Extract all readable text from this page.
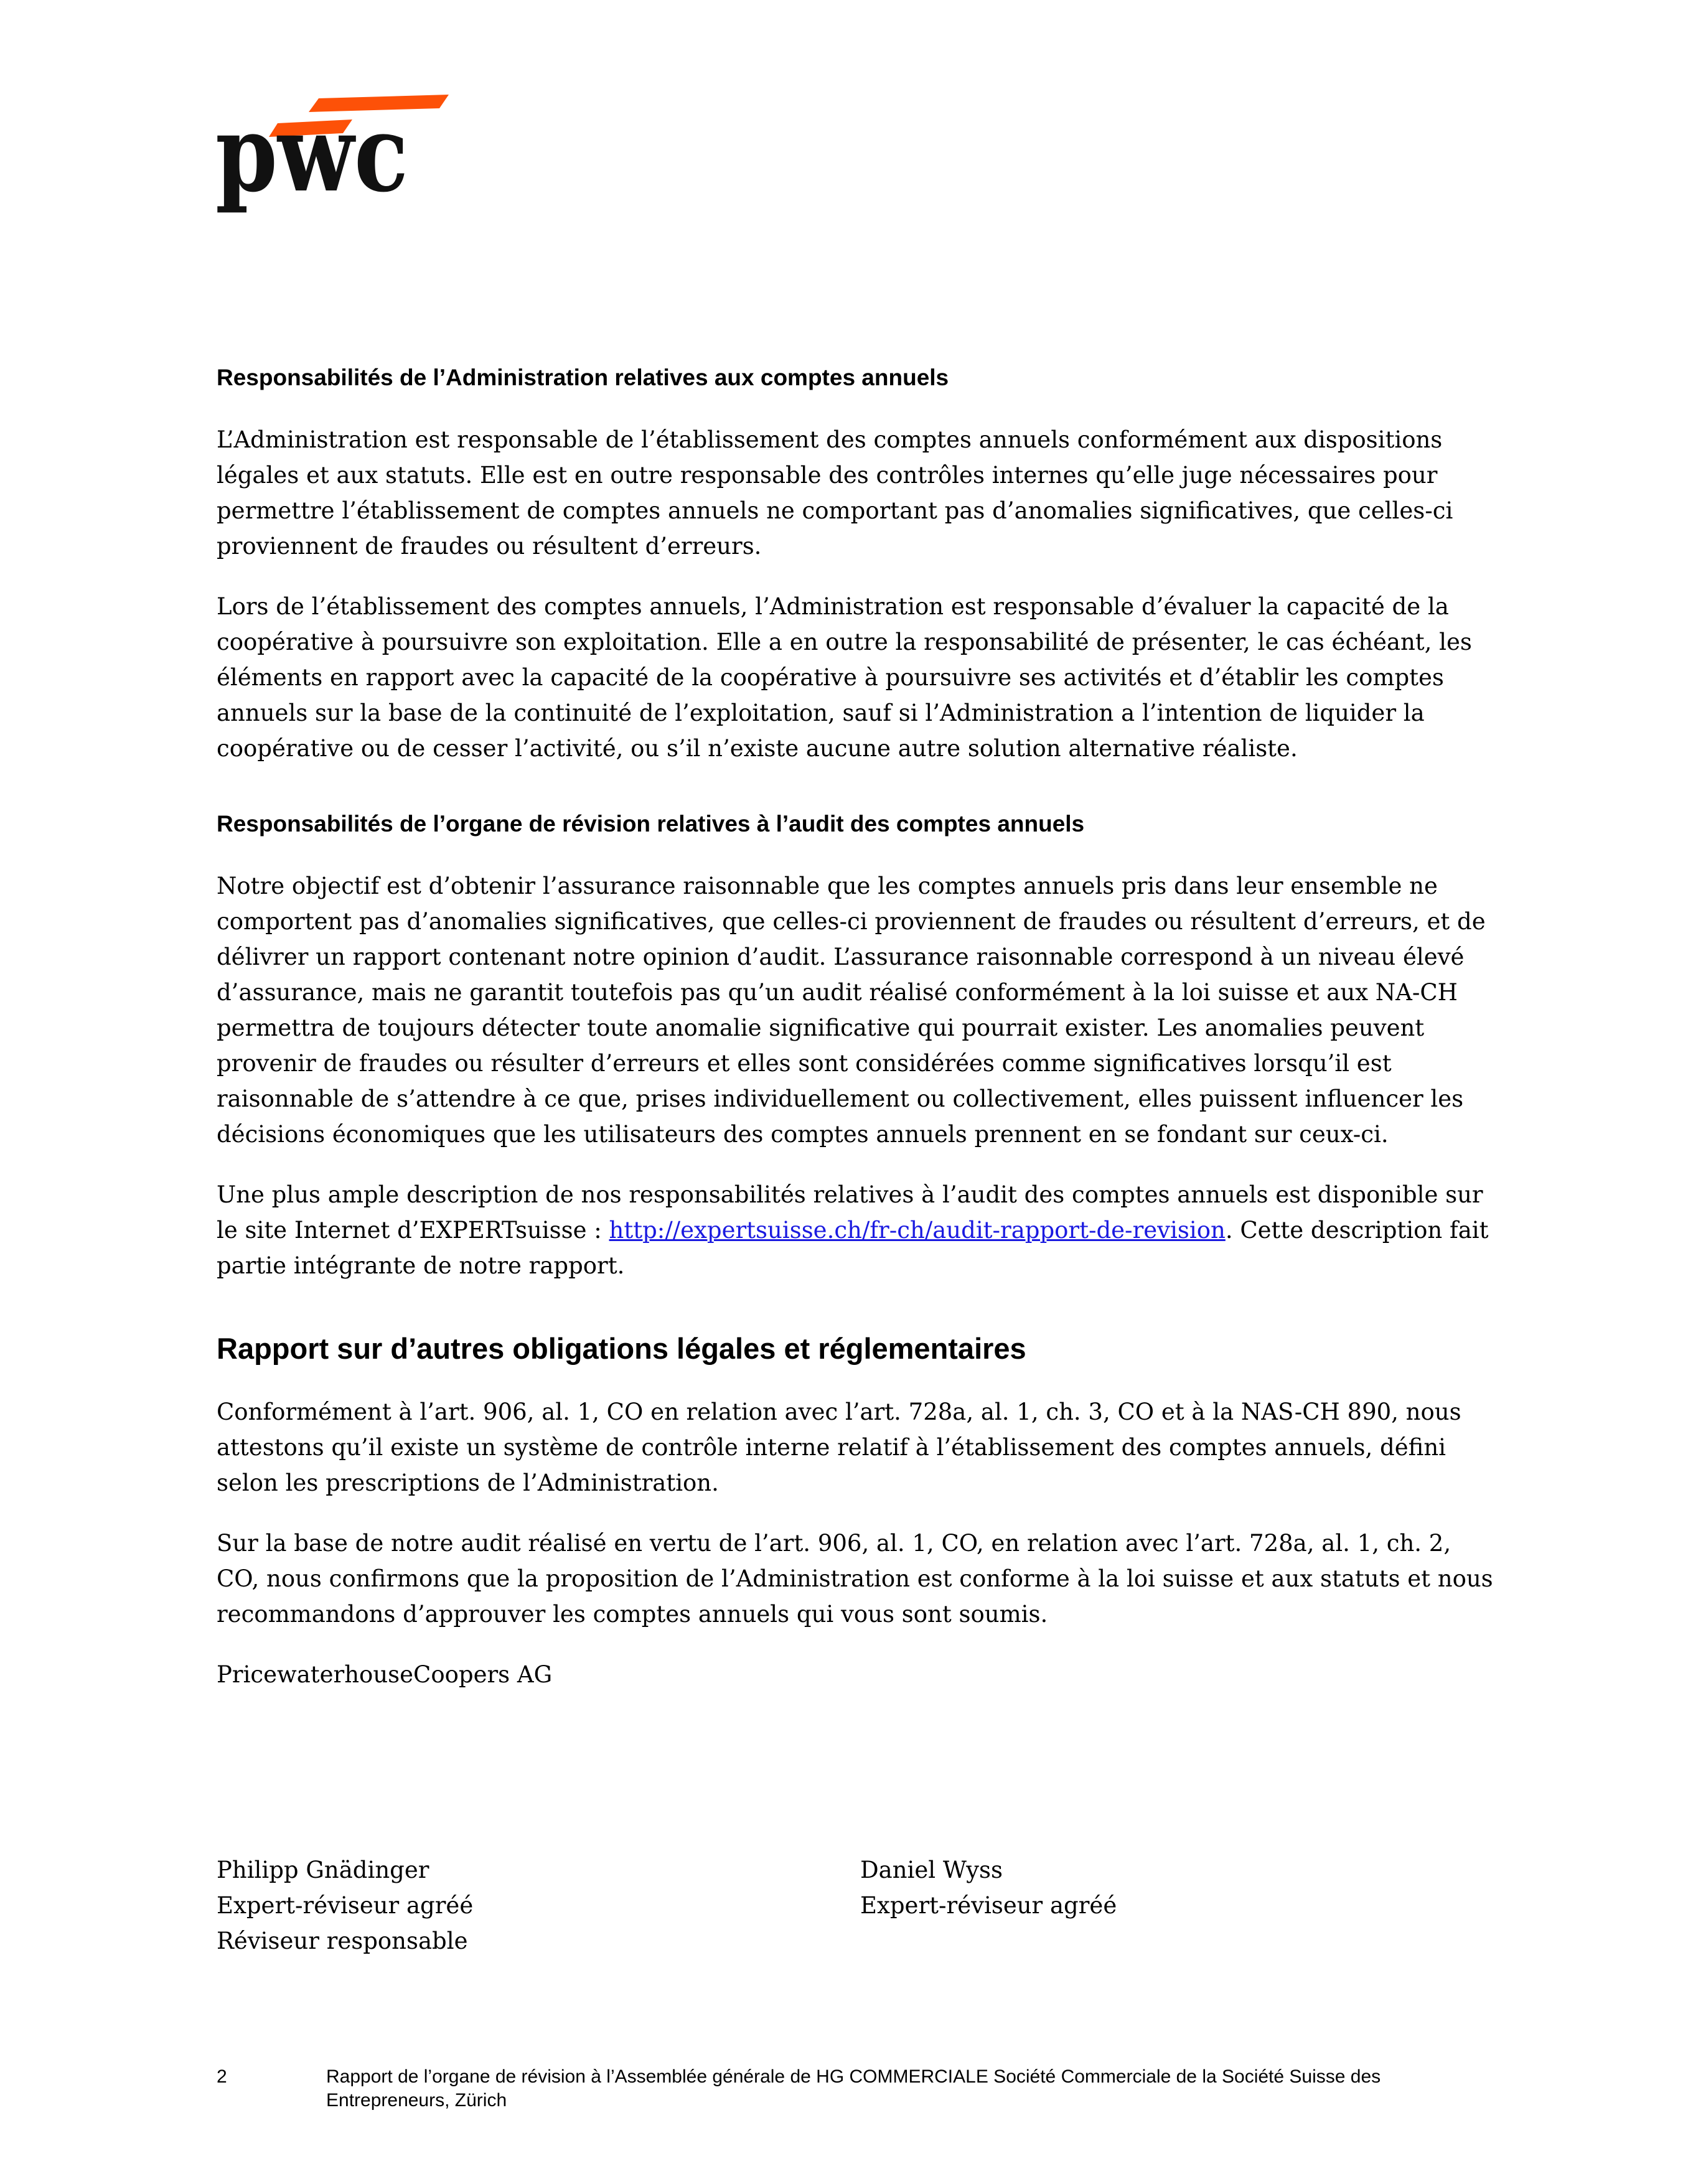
pwc
Responsabilités de l’Administration relatives aux comptes annuels

L’Administration est responsable de l’établissement des comptes annuels conformément aux dispositions légales et aux statuts. Elle est en outre responsable des contrôles internes qu’elle juge nécessaires pour permettre l’établissement de comptes annuels ne comportant pas d’anomalies significatives, que celles-ci proviennent de fraudes ou résultent d’erreurs.

Lors de l’établissement des comptes annuels, l’Administration est responsable d’évaluer la capacité de la coopérative à poursuivre son exploitation. Elle a en outre la responsabilité de présenter, le cas échéant, les éléments en rapport avec la capacité de la coopérative à poursuivre ses activités et d’établir les comptes annuels sur la base de la continuité de l’exploitation, sauf si l’Administration a l’intention de liquider la coopérative ou de cesser l’activité, ou s’il n’existe aucune autre solution alternative réaliste.

Responsabilités de l’organe de révision relatives à l’audit des comptes annuels

Notre objectif est d’obtenir l’assurance raisonnable que les comptes annuels pris dans leur ensemble ne comportent pas d’anomalies significatives, que celles-ci proviennent de fraudes ou résultent d’erreurs, et de délivrer un rapport contenant notre opinion d’audit. L’assurance raisonnable correspond à un niveau élevé d’assurance, mais ne garantit toutefois pas qu’un audit réalisé conformément à la loi suisse et aux NA-CH permettra de toujours détecter toute anomalie significative qui pourrait exister. Les anomalies peuvent provenir de fraudes ou résulter d’erreurs et elles sont considérées comme significatives lorsqu’il est raisonnable de s’attendre à ce que, prises individuellement ou collectivement, elles puissent influencer les décisions économiques que les utilisateurs des comptes annuels prennent en se fondant sur ceux-ci.

Une plus ample description de nos responsabilités relatives à l’audit des comptes annuels est disponible sur le site Internet d’EXPERTsuisse : http://expertsuisse.ch/fr-ch/audit-rapport-de-revision. Cette description fait partie intégrante de notre rapport.

Rapport sur d’autres obligations légales et réglementaires

Conformément à l’art. 906, al. 1, CO en relation avec l’art. 728a, al. 1, ch. 3, CO et à la NAS-CH 890, nous attestons qu’il existe un système de contrôle interne relatif à l’établissement des comptes annuels, défini selon les prescriptions de l’Administration.

Sur la base de notre audit réalisé en vertu de l’art. 906, al. 1, CO, en relation avec l’art. 728a, al. 1, ch. 2, CO, nous confirmons que la proposition de l’Administration est conforme à la loi suisse et aux statuts et nous recommandons d’approuver les comptes annuels qui vous sont soumis.

PricewaterhouseCoopers AG

Philipp Gnädinger
Expert-réviseur agréé
Réviseur responsable
Daniel Wyss
Expert-réviseur agréé
2	Rapport de l’organe de révision à l’Assemblée générale de HG COMMERCIALE Société Commerciale de la Société Suisse des Entrepreneurs, Zürich
